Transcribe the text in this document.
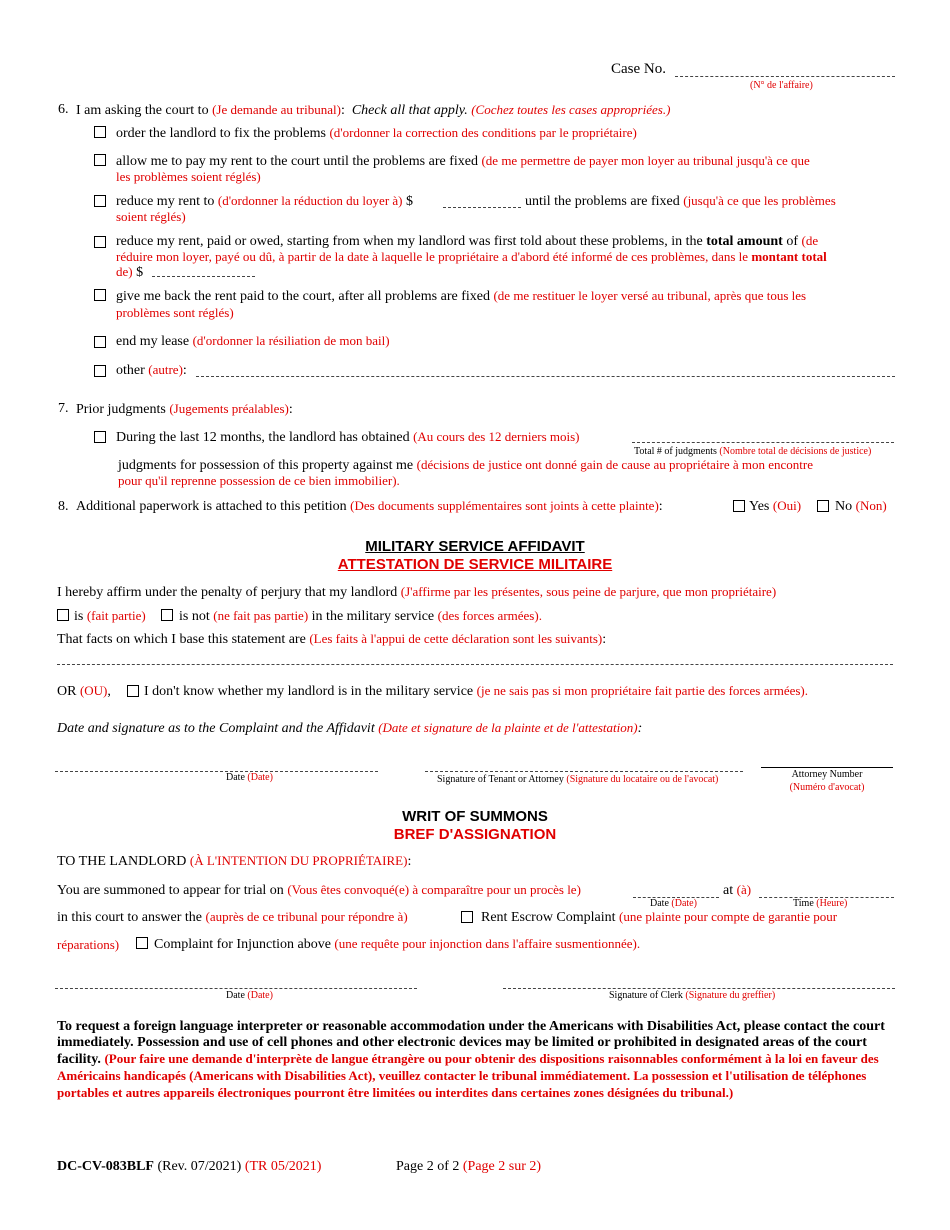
Case No.
(N° de l'affaire)
6. I am asking the court to (Je demande au tribunal): Check all that apply. (Cochez toutes les cases appropriées.)
order the landlord to fix the problems (d'ordonner la correction des conditions par le propriétaire)
allow me to pay my rent to the court until the problems are fixed (de me permettre de payer mon loyer au tribunal jusqu'à ce que
les problèmes soient réglés)
reduce my rent to (d'ordonner la réduction du loyer à) $	until the problems are fixed (jusqu'à ce que les problèmes
soient réglés)
reduce my rent, paid or owed, starting from when my landlord was first told about these problems, in the total amount of (de
réduire mon loyer, payé ou dû, à partir de la date à laquelle le propriétaire a d'abord été informé de ces problèmes, dans le montant total
de) $
give me back the rent paid to the court, after all problems are fixed (de me restituer le loyer versé au tribunal, après que tous les
problèmes sont réglés)
end my lease (d'ordonner la résiliation de mon bail)
other (autre):
7. Prior judgments (Jugements préalables):
During the last 12 months, the landlord has obtained (Au cours des 12 derniers mois)
Total # of judgments (Nombre total de décisions de justice)
judgments for possession of this property against me (décisions de justice ont donné gain de cause au propriétaire à mon encontre
pour qu'il reprenne possession de ce bien immobilier).
8. Additional paperwork is attached to this petition (Des documents supplémentaires sont joints à cette plainte):	Yes (Oui) No (Non)
MILITARY SERVICE AFFIDAVIT
ATTESTATION DE SERVICE MILITAIRE
I hereby affirm under the penalty of perjury that my landlord (J'affirme par les présentes, sous peine de parjure, que mon propriétaire)
is (fait partie) is not (ne fait pas partie) in the military service (des forces armées).
That facts on which I base this statement are (Les faits à l'appui de cette déclaration sont les suivants):
OR (OU), I don't know whether my landlord is in the military service (je ne sais pas si mon propriétaire fait partie des forces armées).
Date and signature as to the Complaint and the Affidavit (Date et signature de la plainte et de l'attestation):
Date (Date)	Signature of Tenant or Attorney (Signature du locataire ou de l'avocat)	Attorney Number
(Numéro d'avocat)
WRIT OF SUMMONS
BREF D'ASSIGNATION
TO THE LANDLORD (À L'INTENTION DU PROPRIÉTAIRE):
You are summoned to appear for trial on (Vous êtes convoqué(e) à comparaître pour un procès le)	at (à)
Date (Date)	Time (Heure)
in this court to answer the (auprès de ce tribunal pour répondre à)	Rent Escrow Complaint (une plainte pour compte de garantie pour
réparations) Complaint for Injunction above (une requête pour injonction dans l'affaire susmentionnée).
Date (Date)	Signature of Clerk (Signature du greffier)
To request a foreign language interpreter or reasonable accommodation under the Americans with Disabilities Act, please contact the court immediately. Possession and use of cell phones and other electronic devices may be limited or prohibited in designated areas of the court facility. (Pour faire une demande d'interprète de langue étrangère ou pour obtenir des dispositions raisonnables conformément à la loi en faveur des Américains handicapés (Americans with Disabilities Act), veuillez contacter le tribunal immédiatement. La possession et l'utilisation de téléphones portables et autres appareils électroniques pourront être limitées ou interdites dans certaines zones désignées du tribunal.)
DC-CV-083BLF (Rev. 07/2021) (TR 05/2021)	Page 2 of 2 (Page 2 sur 2)
